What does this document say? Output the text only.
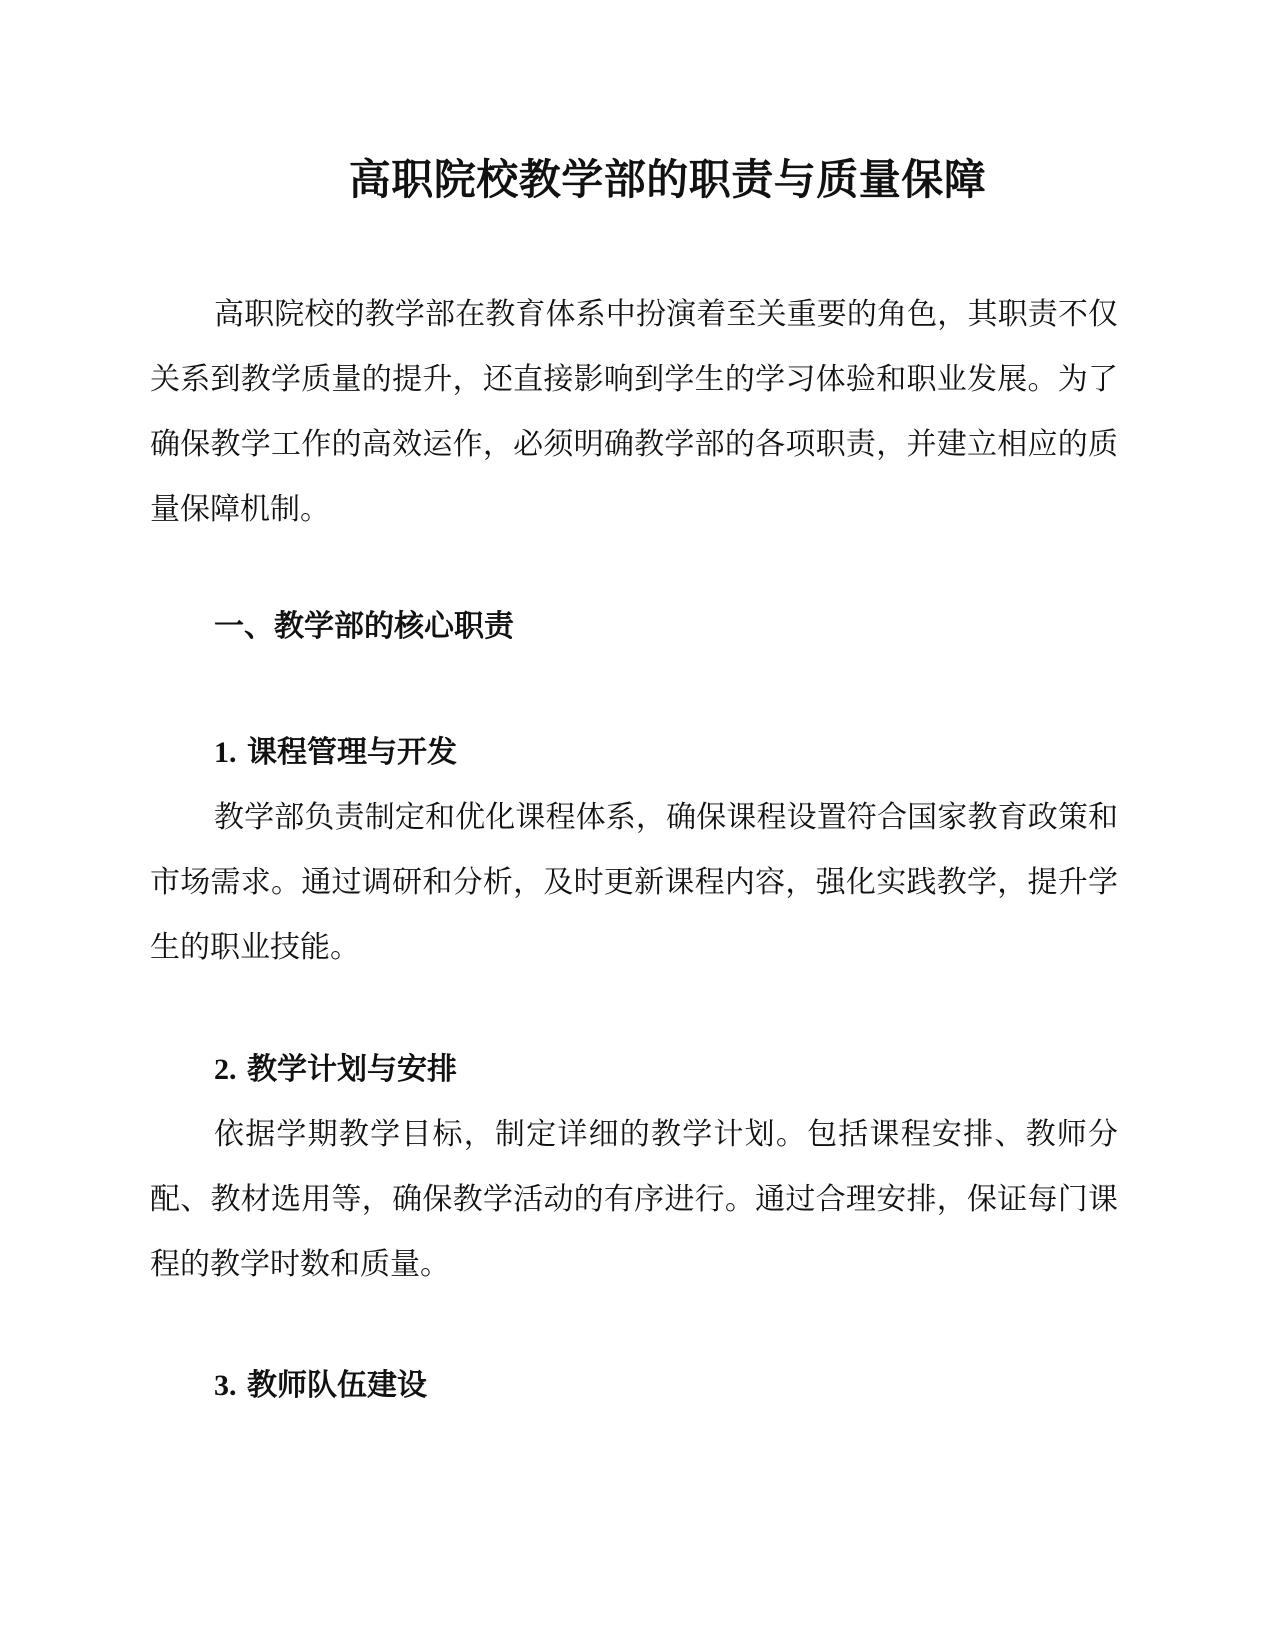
高职院校教学部的职责与质量保障

高职院校的教学部在教育体系中扮演着至关重要的角色，其职责不仅关系到教学质量的提升，还直接影响到学生的学习体验和职业发展。为了确保教学工作的高效运作，必须明确教学部的各项职责，并建立相应的质量保障机制。

一、教学部的核心职责
1. 课程管理与开发

教学部负责制定和优化课程体系，确保课程设置符合国家教育政策和市场需求。通过调研和分析，及时更新课程内容，强化实践教学，提升学生的职业技能。

2. 教学计划与安排

依据学期教学目标，制定详细的教学计划。包括课程安排、教师分配、教材选用等，确保教学活动的有序进行。通过合理安排，保证每门课程的教学时数和质量。

3. 教师队伍建设
